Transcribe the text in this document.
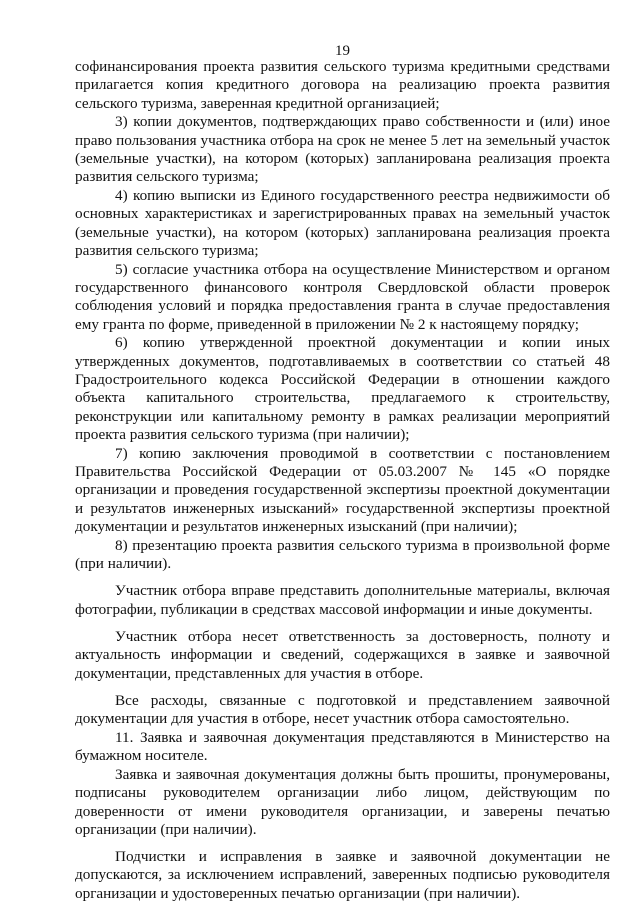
19

софинансирования проекта развития сельского туризма кредитными средствами прилагается копия кредитного договора на реализацию проекта развития сельского туризма, заверенная кредитной организацией;

3) копии документов, подтверждающих право собственности и (или) иное право пользования участника отбора на срок не менее 5 лет на земельный участок (земельные участки), на котором (которых) запланирована реализация проекта развития сельского туризма;

4) копию выписки из Единого государственного реестра недвижимости об основных характеристиках и зарегистрированных правах на земельный участок (земельные участки), на котором (которых) запланирована реализация проекта развития сельского туризма;

5) согласие участника отбора на осуществление Министерством и органом государственного финансового контроля Свердловской области проверок соблюдения условий и порядка предоставления гранта в случае предоставления ему гранта по форме, приведенной в приложении № 2 к настоящему порядку;

6) копию утвержденной проектной документации и копии иных утвержденных документов, подготавливаемых в соответствии со статьей 48 Градостроительного кодекса Российской Федерации в отношении каждого объекта капитального строительства, предлагаемого к строительству, реконструкции или капитальному ремонту в рамках реализации мероприятий проекта развития сельского туризма (при наличии);

7) копию заключения проводимой в соответствии с постановлением Правительства Российской Федерации от 05.03.2007 № 145 «О порядке организации и проведения государственной экспертизы проектной документации и результатов инженерных изысканий» государственной экспертизы проектной документации и результатов инженерных изысканий (при наличии);

8) презентацию проекта развития сельского туризма в произвольной форме (при наличии).

Участник отбора вправе представить дополнительные материалы, включая фотографии, публикации в средствах массовой информации и иные документы.

Участник отбора несет ответственность за достоверность, полноту и актуальность информации и сведений, содержащихся в заявке и заявочной документации, представленных для участия в отборе.

Все расходы, связанные с подготовкой и представлением заявочной документации для участия в отборе, несет участник отбора самостоятельно.

11. Заявка и заявочная документация представляются в Министерство на бумажном носителе.

Заявка и заявочная документация должны быть прошиты, пронумерованы, подписаны руководителем организации либо лицом, действующим по доверенности от имени руководителя организации, и заверены печатью организации (при наличии).

Подчистки и исправления в заявке и заявочной документации не допускаются, за исключением исправлений, заверенных подписью руководителя организации и удостоверенных печатью организации (при наличии).
